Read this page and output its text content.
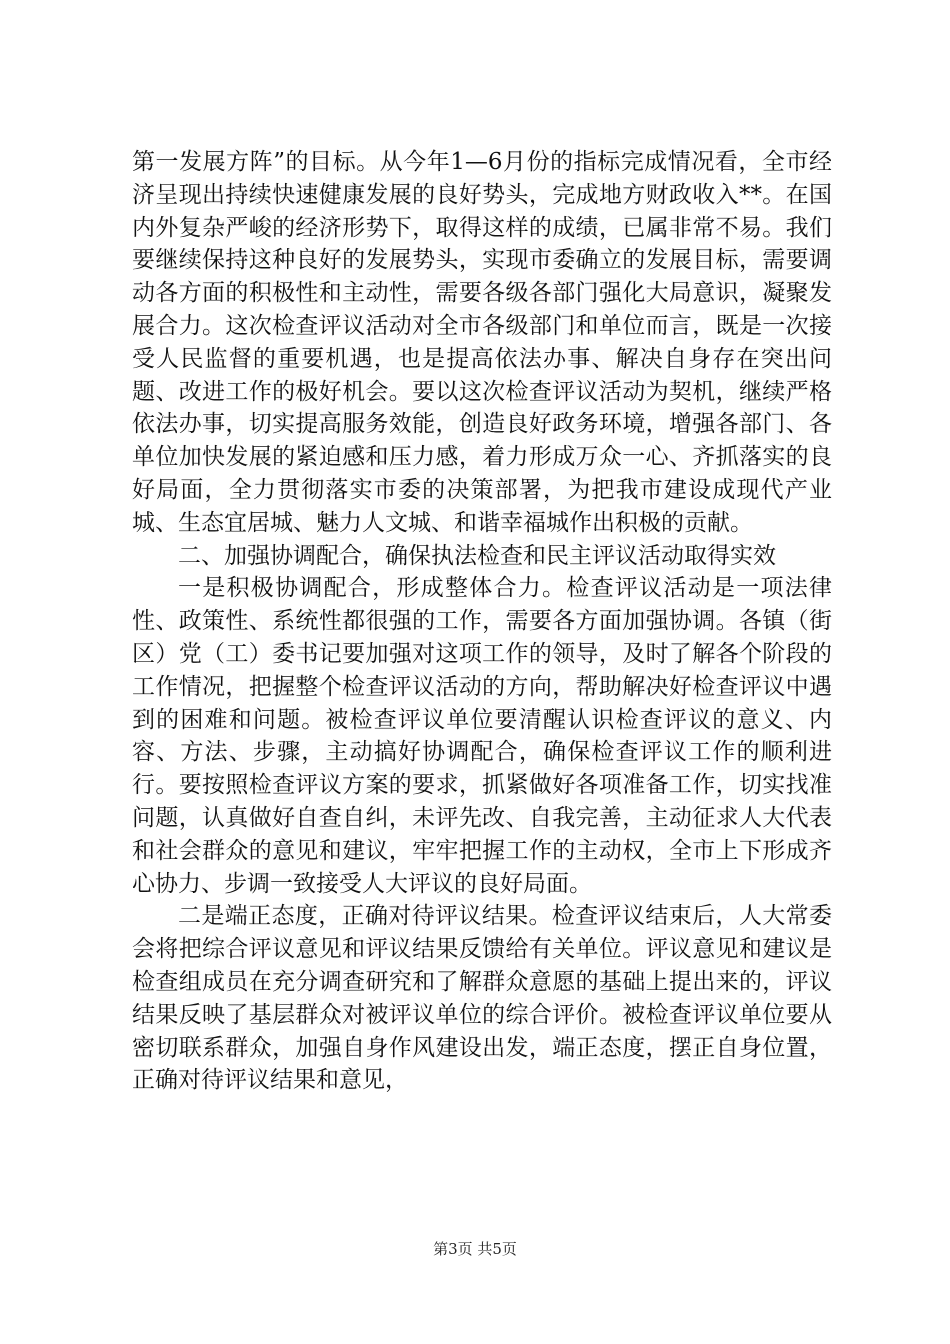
第一发展方阵”的目标。从今年1—6月份的指标完成情况看，全市经济呈现出持续快速健康发展的良好势头，完成地方财政收入**。在国内外复杂严峻的经济形势下，取得这样的成绩，已属非常不易。我们要继续保持这种良好的发展势头，实现市委确立的发展目标，需要调动各方面的积极性和主动性，需要各级各部门强化大局意识，凝聚发展合力。这次检查评议活动对全市各级部门和单位而言，既是一次接受人民监督的重要机遇，也是提高依法办事、解决自身存在突出问题、改进工作的极好机会。要以这次检查评议活动为契机，继续严格依法办事，切实提高服务效能，创造良好政务环境，增强各部门、各单位加快发展的紧迫感和压力感，着力形成万众一心、齐抓落实的良好局面，全力贯彻落实市委的决策部署，为把我市建设成现代产业城、生态宜居城、魅力人文城、和谐幸福城作出积极的贡献。

二、加强协调配合，确保执法检查和民主评议活动取得实效

一是积极协调配合，形成整体合力。检查评议活动是一项法律性、政策性、系统性都很强的工作，需要各方面加强协调。各镇（街区）党（工）委书记要加强对这项工作的领导，及时了解各个阶段的工作情况，把握整个检查评议活动的方向，帮助解决好检查评议中遇到的困难和问题。被检查评议单位要清醒认识检查评议的意义、内容、方法、步骤，主动搞好协调配合，确保检查评议工作的顺利进行。要按照检查评议方案的要求，抓紧做好各项准备工作，切实找准问题，认真做好自查自纠，未评先改、自我完善，主动征求人大代表和社会群众的意见和建议，牢牢把握工作的主动权，全市上下形成齐心协力、步调一致接受人大评议的良好局面。

二是端正态度，正确对待评议结果。检查评议结束后，人大常委会将把综合评议意见和评议结果反馈给有关单位。评议意见和建议是检查组成员在充分调查研究和了解群众意愿的基础上提出来的，评议结果反映了基层群众对被评议单位的综合评价。被检查评议单位要从密切联系群众，加强自身作风建设出发，端正态度，摆正自身位置，正确对待评议结果和意见，

第3页 共5页
